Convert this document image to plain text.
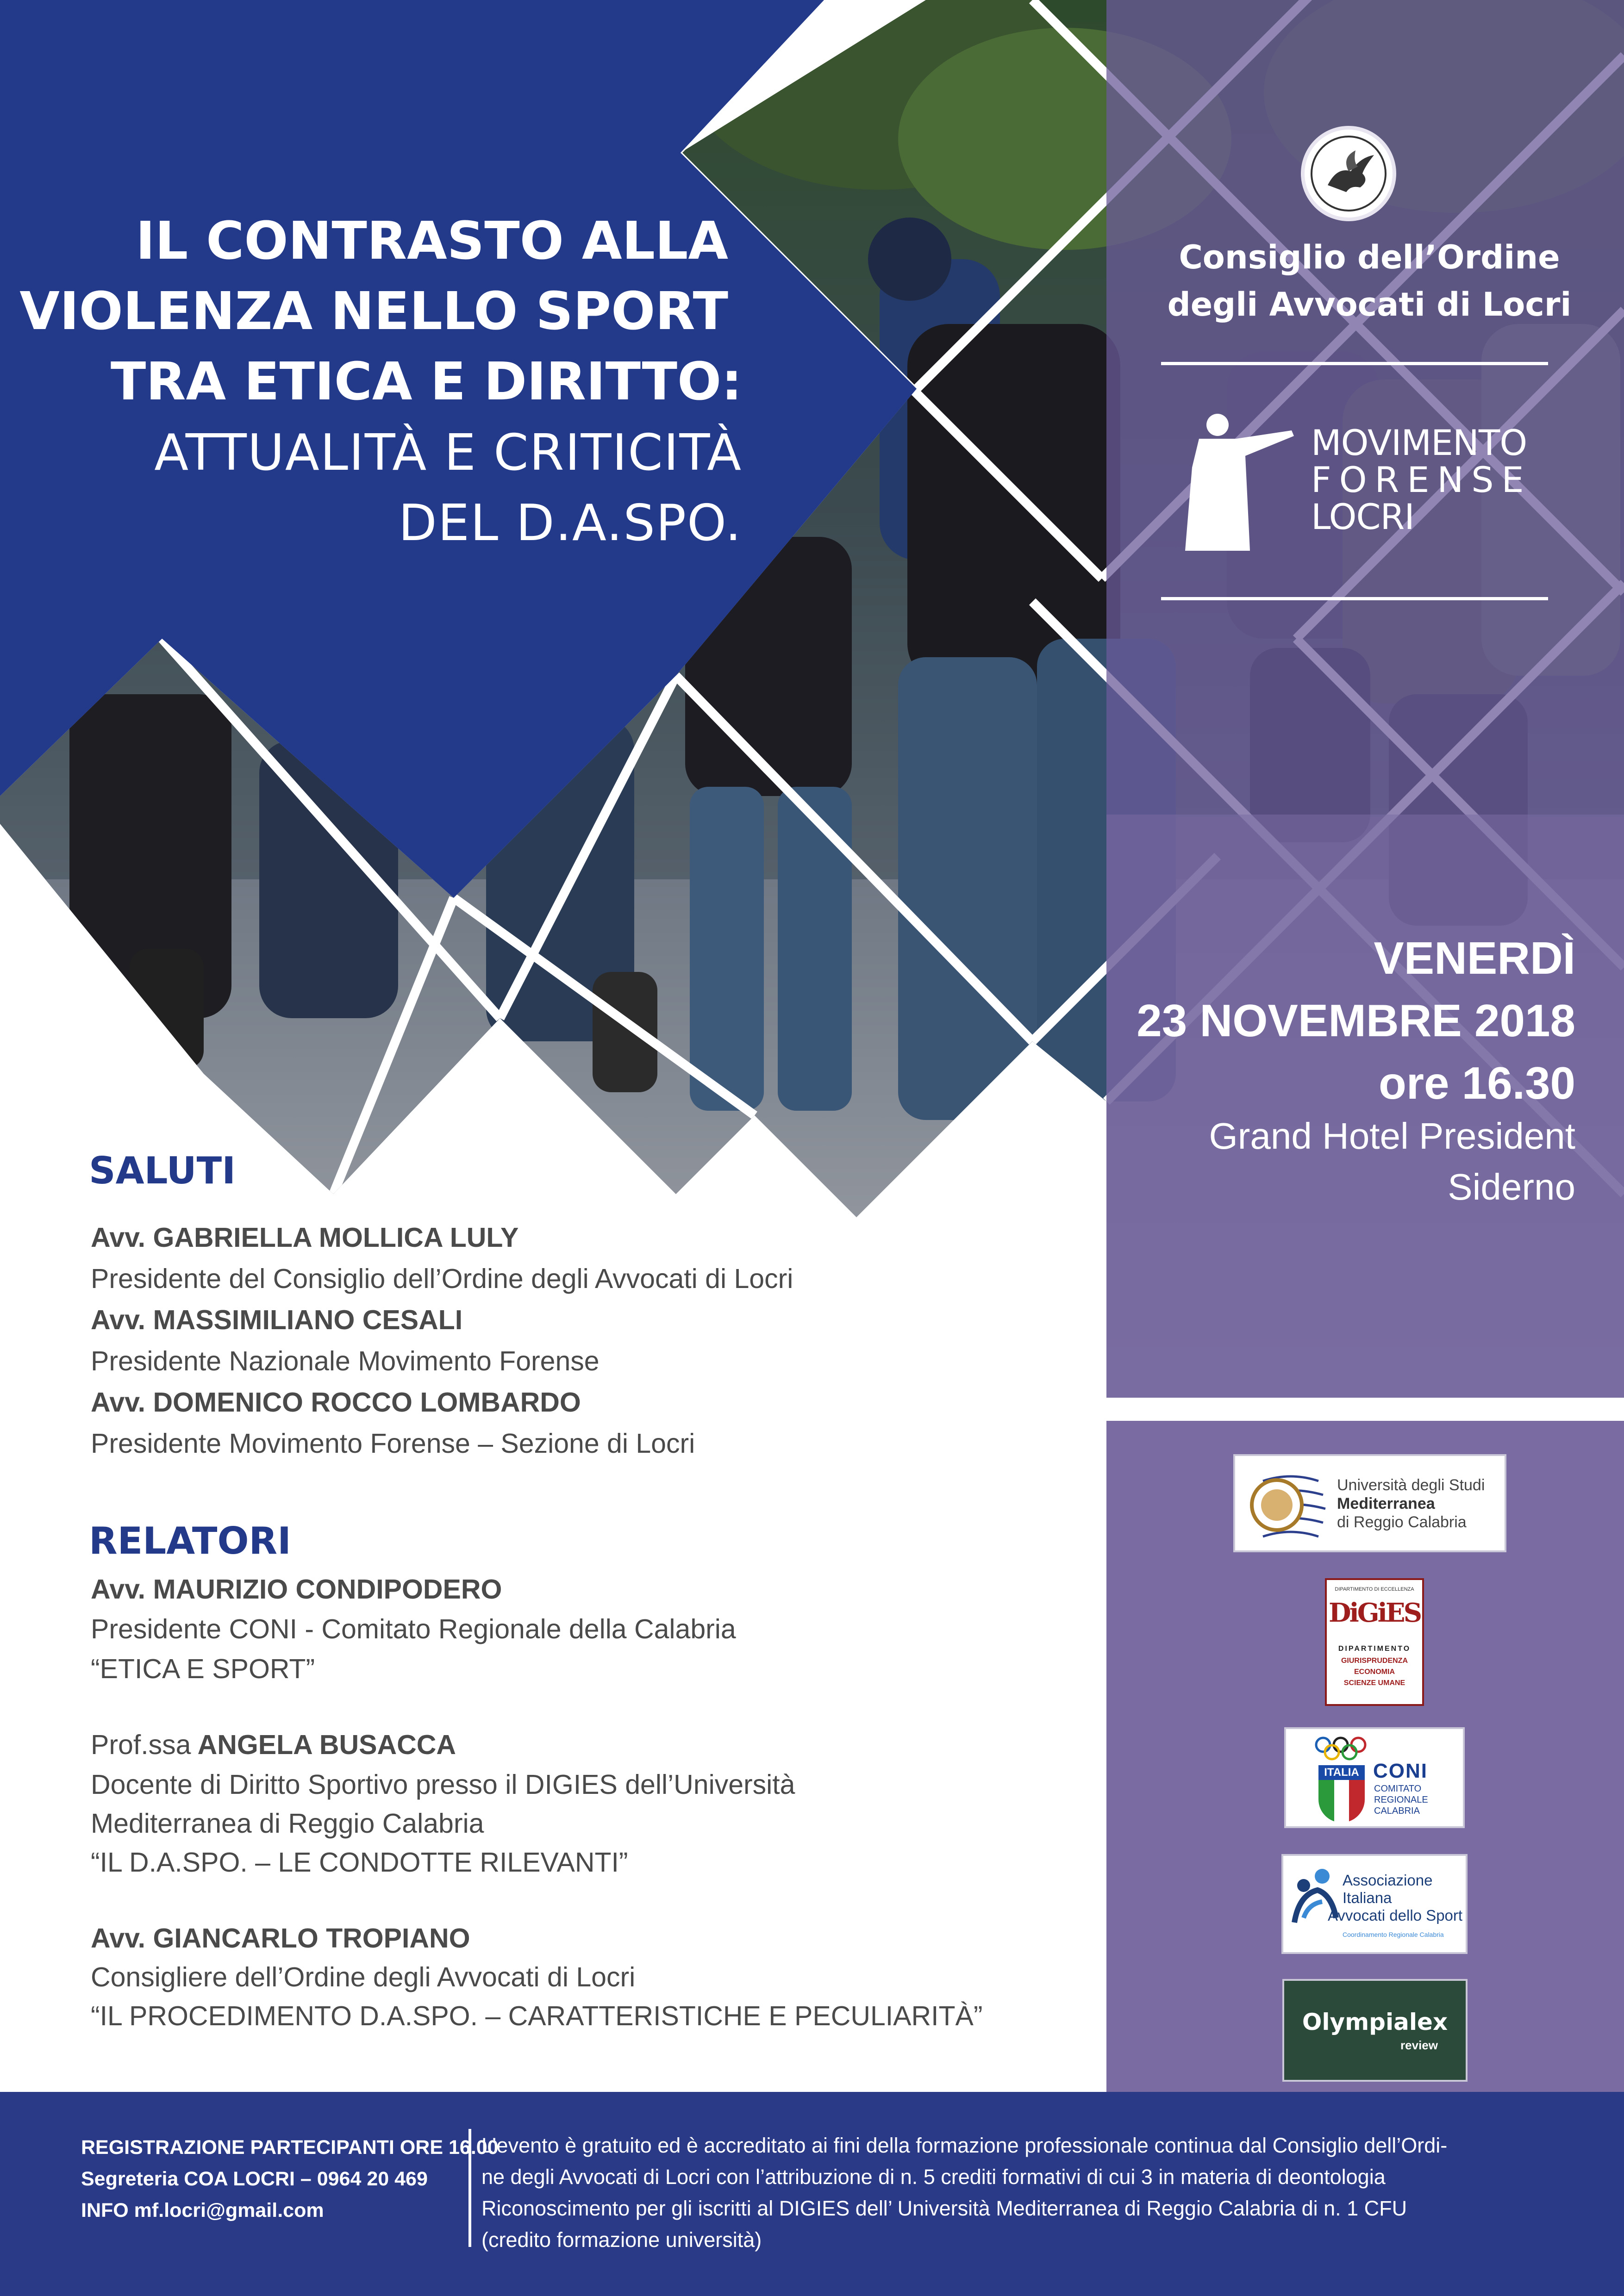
IL CONTRASTO ALLA
VIOLENZA NELLO SPORT
TRA ETICA E DIRITTO:
ATTUALITÀ E CRITICITÀ
DEL D.A.SPO.
Consiglio dell’Ordine
degli Avvocati di Locri
MOVIMENTO
FORENSE
LOCRI
VENERDÌ
23 NOVEMBRE 2018
ore 16.30
Grand Hotel President
Siderno
SALUTI
Avv. GABRIELLA MOLLICA LULY
Presidente del Consiglio dell’Ordine degli Avvocati di Locri
Avv. MASSIMILIANO CESALI
Presidente Nazionale Movimento Forense
Avv. DOMENICO ROCCO LOMBARDO
Presidente Movimento Forense – Sezione di Locri
RELATORI
Avv. MAURIZIO CONDIPODERO
Presidente CONI - Comitato Regionale della Calabria
“ETICA E SPORT”
Prof.ssa ANGELA BUSACCA
Docente di Diritto Sportivo presso il DIGIES dell’Università
Mediterranea di Reggio Calabria
“IL D.A.SPO. – LE CONDOTTE RILEVANTI”
Avv. GIANCARLO TROPIANO
Consigliere dell’Ordine degli Avvocati di Locri
“IL PROCEDIMENTO D.A.SPO. – CARATTERISTICHE E PECULIARITÀ”
Università degli Studi
Mediterranea
di Reggio Calabria
DIPARTIMENTO DI ECCELLENZA
DiGiES
DIPARTIMENTO
GIURISPRUDENZA
ECONOMIA
SCIENZE UMANE
ITALIA CONI
COMITATO
REGIONALE
CALABRIA
Associazione
Italiana
Avvocati dello Sport
Coordinamento Regionale Calabria
Olympialex
review
REGISTRAZIONE PARTECIPANTI ORE 16.00
Segreteria COA LOCRI – 0964 20 469
INFO mf.locri@gmail.com
L’evento è gratuito ed è accreditato ai fini della formazione professionale continua dal Consiglio dell’Ordi-
ne degli Avvocati di Locri con l’attribuzione di n. 5 crediti formativi di cui 3 in materia di deontologia
Riconoscimento per gli iscritti al DIGIES dell’ Università Mediterranea di Reggio Calabria di n. 1 CFU
(credito formazione università)
